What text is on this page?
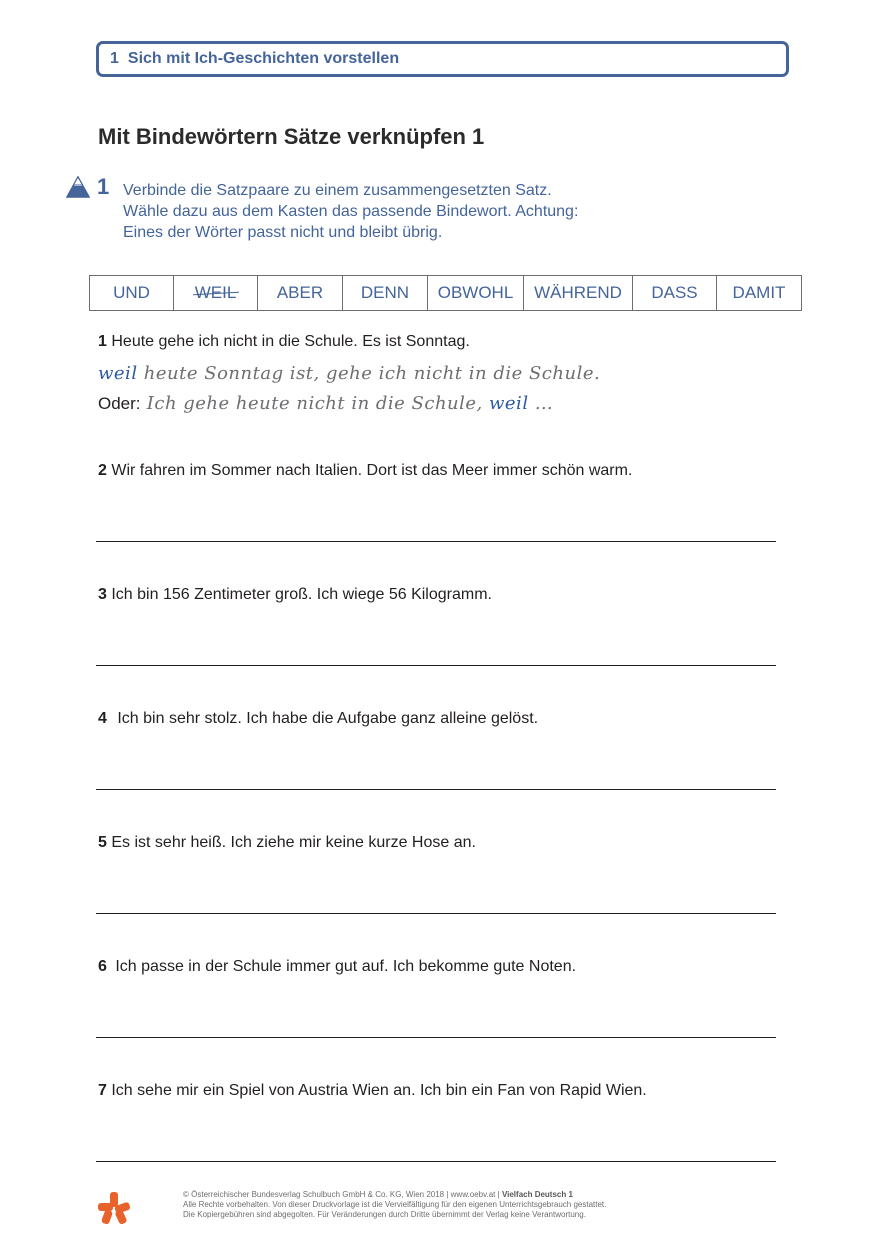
1 Sich mit Ich-Geschichten vorstellen
Mit Bindewörtern Sätze verknüpfen 1
1 Verbinde die Satzpaare zu einem zusammengesetzten Satz.
Wähle dazu aus dem Kasten das passende Bindewort. Achtung:
Eines der Wörter passt nicht und bleibt übrig.
UND	WEIL	ABER	DENN	OBWOHL	WÄHREND	DASS	DAMIT
1 Heute gehe ich nicht in die Schule. Es ist Sonntag.
weil heute Sonntag ist, gehe ich nicht in die Schule.
Oder: Ich gehe heute nicht in die Schule, weil …
2 Wir fahren im Sommer nach Italien. Dort ist das Meer immer schön warm.
3 Ich bin 156 Zentimeter groß. Ich wiege 56 Kilogramm.
4 Ich bin sehr stolz. Ich habe die Aufgabe ganz alleine gelöst.
5 Es ist sehr heiß. Ich ziehe mir keine kurze Hose an.
6 Ich passe in der Schule immer gut auf. Ich bekomme gute Noten.
7 Ich sehe mir ein Spiel von Austria Wien an. Ich bin ein Fan von Rapid Wien.
© Österreichischer Bundesverlag Schulbuch GmbH & Co. KG, Wien 2018 | www.oebv.at | Vielfach Deutsch 1
Alle Rechte vorbehalten. Von dieser Druckvorlage ist die Vervielfältigung für den eigenen Unterrichtsgebrauch gestattet.
Die Kopiergebühren sind abgegolten. Für Veränderungen durch Dritte übernimmt der Verlag keine Verantwortung.
